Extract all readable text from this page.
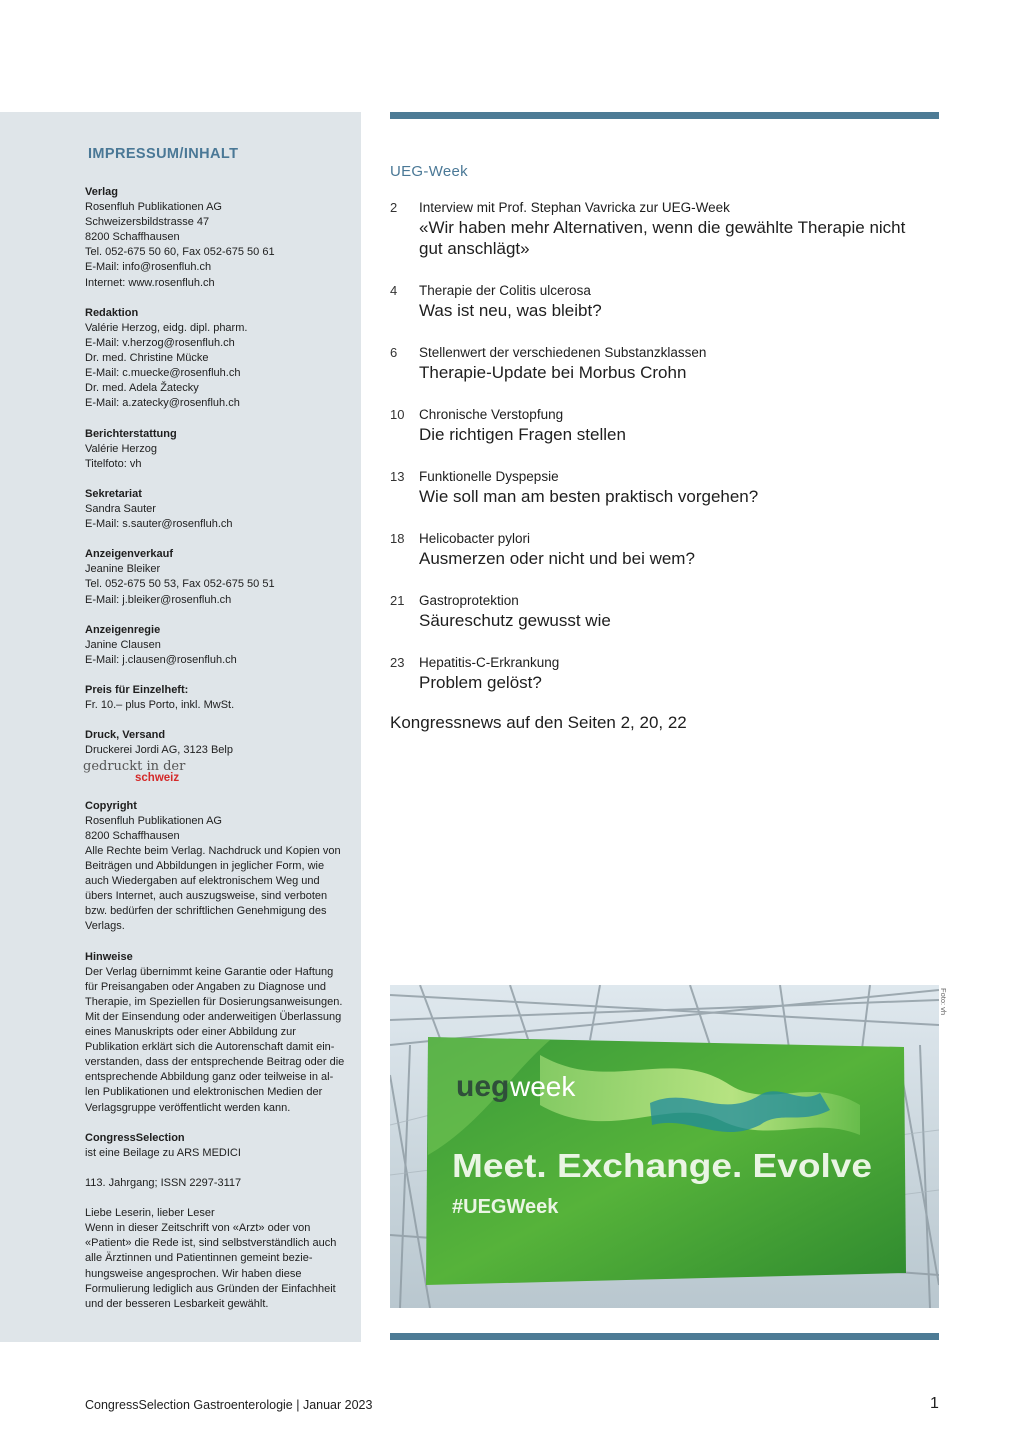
IMPRESSUM/INHALT
Verlag
Rosenfluh Publikationen AG
Schweizersbildstrasse 47
8200 Schaffhausen
Tel. 052-675 50 60, Fax 052-675 50 61
E-Mail: info@rosenfluh.ch
Internet: www.rosenfluh.ch
Redaktion
Valérie Herzog, eidg. dipl. pharm.
E-Mail: v.herzog@rosenfluh.ch
Dr. med. Christine Mücke
E-Mail: c.muecke@rosenfluh.ch
Dr. med. Adela Žatecky
E-Mail: a.zatecky@rosenfluh.ch
Berichterstattung
Valérie Herzog
Titelfoto: vh
Sekretariat
Sandra Sauter
E-Mail: s.sauter@rosenfluh.ch
Anzeigenverkauf
Jeanine Bleiker
Tel. 052-675 50 53, Fax 052-675 50 51
E-Mail: j.bleiker@rosenfluh.ch
Anzeigenregie
Janine Clausen
E-Mail: j.clausen@rosenfluh.ch
Preis für Einzelheft:
Fr. 10.– plus Porto, inkl. MwSt.
Druck, Versand
Druckerei Jordi AG, 3123 Belp
gedruckt in der
schweiz
Copyright
Rosenfluh Publikationen AG
8200 Schaffhausen
Alle Rechte beim Verlag. Nachdruck und Kopien von
Beiträgen und Abbildungen in jeglicher Form, wie
auch Wiedergaben auf elektronischem Weg und
übers Internet, auch auszugsweise, sind verboten
bzw. bedürfen der schriftlichen Genehmigung des
Verlags.
Hinweise
Der Verlag übernimmt keine Garantie oder Haftung
für Preisangaben oder Angaben zu Diagnose und
Therapie, im Speziellen für Dosierungsanweisungen.
Mit der Einsendung oder anderweitigen Überlassung
eines Manuskripts oder einer Abbildung zur
Publikation erklärt sich die Autorenschaft damit ein-
verstanden, dass der entsprechende Beitrag oder die
entsprechende Abbildung ganz oder teilweise in al-
len Publikationen und elektronischen Medien der
Verlagsgruppe veröffentlicht werden kann.
CongressSelection
ist eine Beilage zu ARS MEDICI
113. Jahrgang; ISSN 2297-3117
Liebe Leserin, lieber Leser
Wenn in dieser Zeitschrift von «Arzt» oder von
«Patient» die Rede ist, sind selbstverständlich auch
alle Ärztinnen und Patientinnen gemeint bezie-
hungsweise angesprochen. Wir haben diese
Formulierung lediglich aus Gründen der Einfachheit
und der besseren Lesbarkeit gewählt.
UEG-Week
2 Interview mit Prof. Stephan Vavricka zur UEG-Week
«Wir haben mehr Alternativen, wenn die gewählte Therapie nicht gut anschlägt»
4 Therapie der Colitis ulcerosa
Was ist neu, was bleibt?
6 Stellenwert der verschiedenen Substanzklassen
Therapie-Update bei Morbus Crohn
10 Chronische Verstopfung
Die richtigen Fragen stellen
13 Funktionelle Dyspepsie
Wie soll man am besten praktisch vorgehen?
18 Helicobacter pylori
Ausmerzen oder nicht und bei wem?
21 Gastroprotektion
Säureschutz gewusst wie
23 Hepatitis-C-Erkrankung
Problem gelöst?
Kongressnews auf den Seiten 2, 20, 22
ueg week
Meet. Exchange. Evolve
#UEGWeek
Foto: vh
CongressSelection Gastroenterologie | Januar 2023	1
